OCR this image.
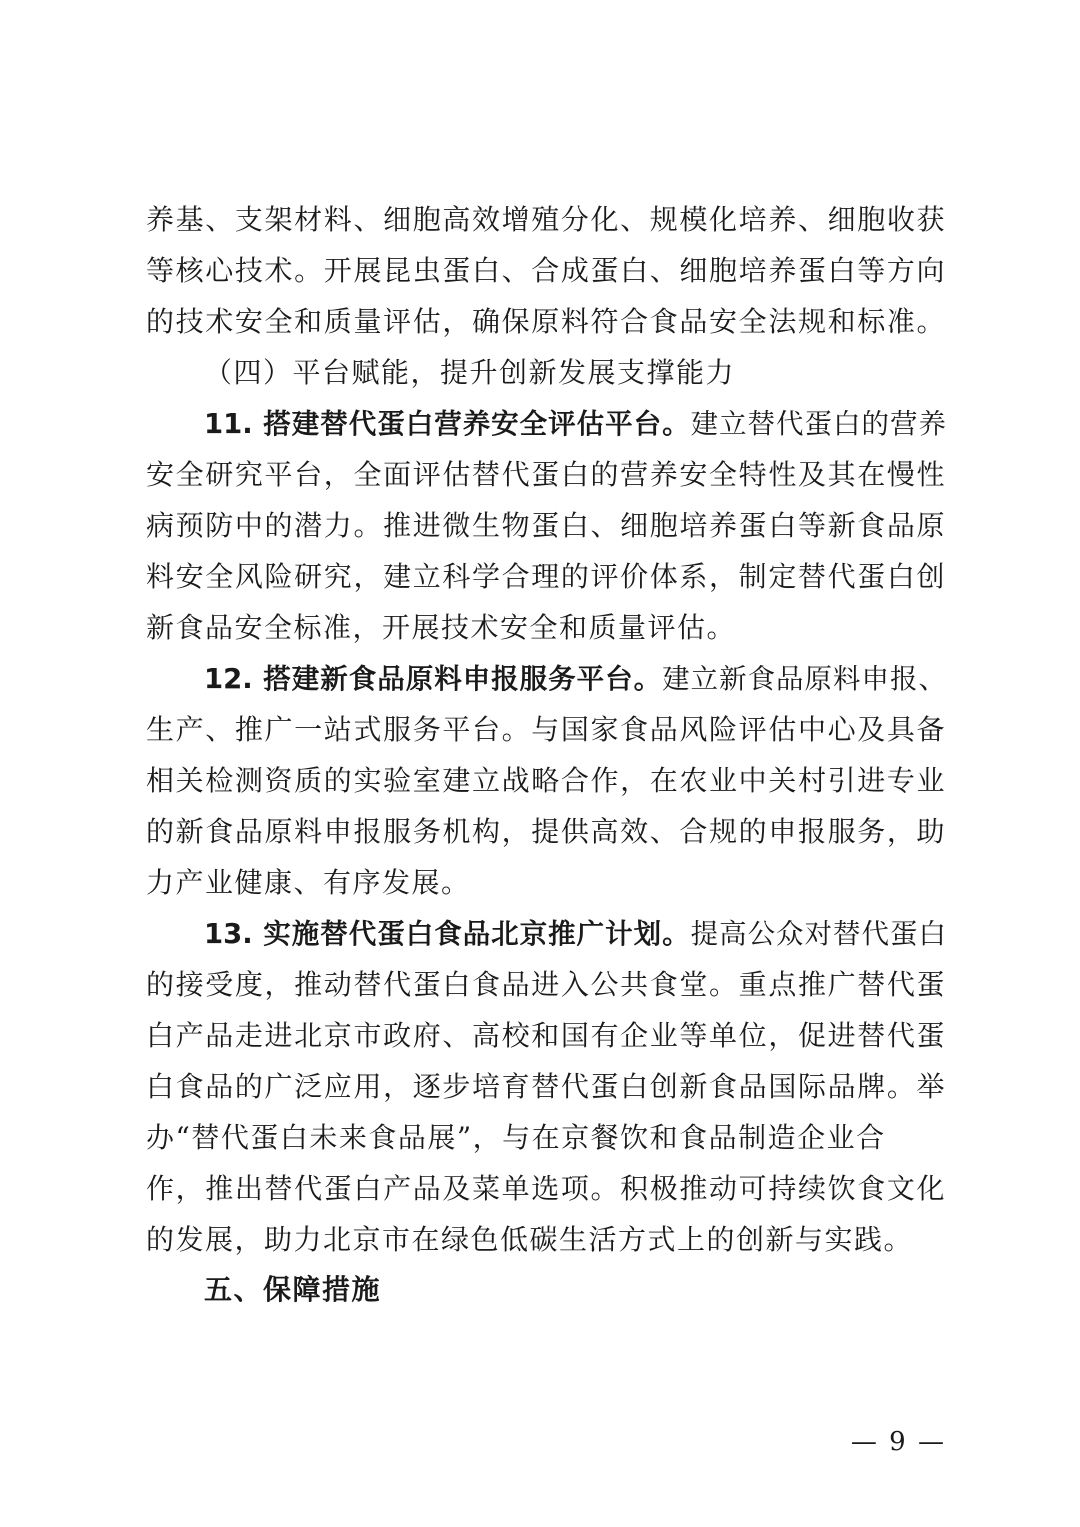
养基、支架材料、细胞高效增殖分化、规模化培养、细胞收获
等核心技术。开展昆虫蛋白、合成蛋白、细胞培养蛋白等方向
的技术安全和质量评估，确保原料符合食品安全法规和标准。
（四）平台赋能，提升创新发展支撑能力
11. 搭建替代蛋白营养安全评估平台。建立替代蛋白的营养
安全研究平台，全面评估替代蛋白的营养安全特性及其在慢性
病预防中的潜力。推进微生物蛋白、细胞培养蛋白等新食品原
料安全风险研究，建立科学合理的评价体系，制定替代蛋白创
新食品安全标准，开展技术安全和质量评估。
12. 搭建新食品原料申报服务平台。建立新食品原料申报、
生产、推广一站式服务平台。与国家食品风险评估中心及具备
相关检测资质的实验室建立战略合作，在农业中关村引进专业
的新食品原料申报服务机构，提供高效、合规的申报服务，助
力产业健康、有序发展。
13. 实施替代蛋白食品北京推广计划。提高公众对替代蛋白
的接受度，推动替代蛋白食品进入公共食堂。重点推广替代蛋
白产品走进北京市政府、高校和国有企业等单位，促进替代蛋
白食品的广泛应用，逐步培育替代蛋白创新食品国际品牌。举
办“替代蛋白未来食品展”，与在京餐饮和食品制造企业合
作，推出替代蛋白产品及菜单选项。积极推动可持续饮食文化
的发展，助力北京市在绿色低碳生活方式上的创新与实践。
五、保障措施
— 9 —
